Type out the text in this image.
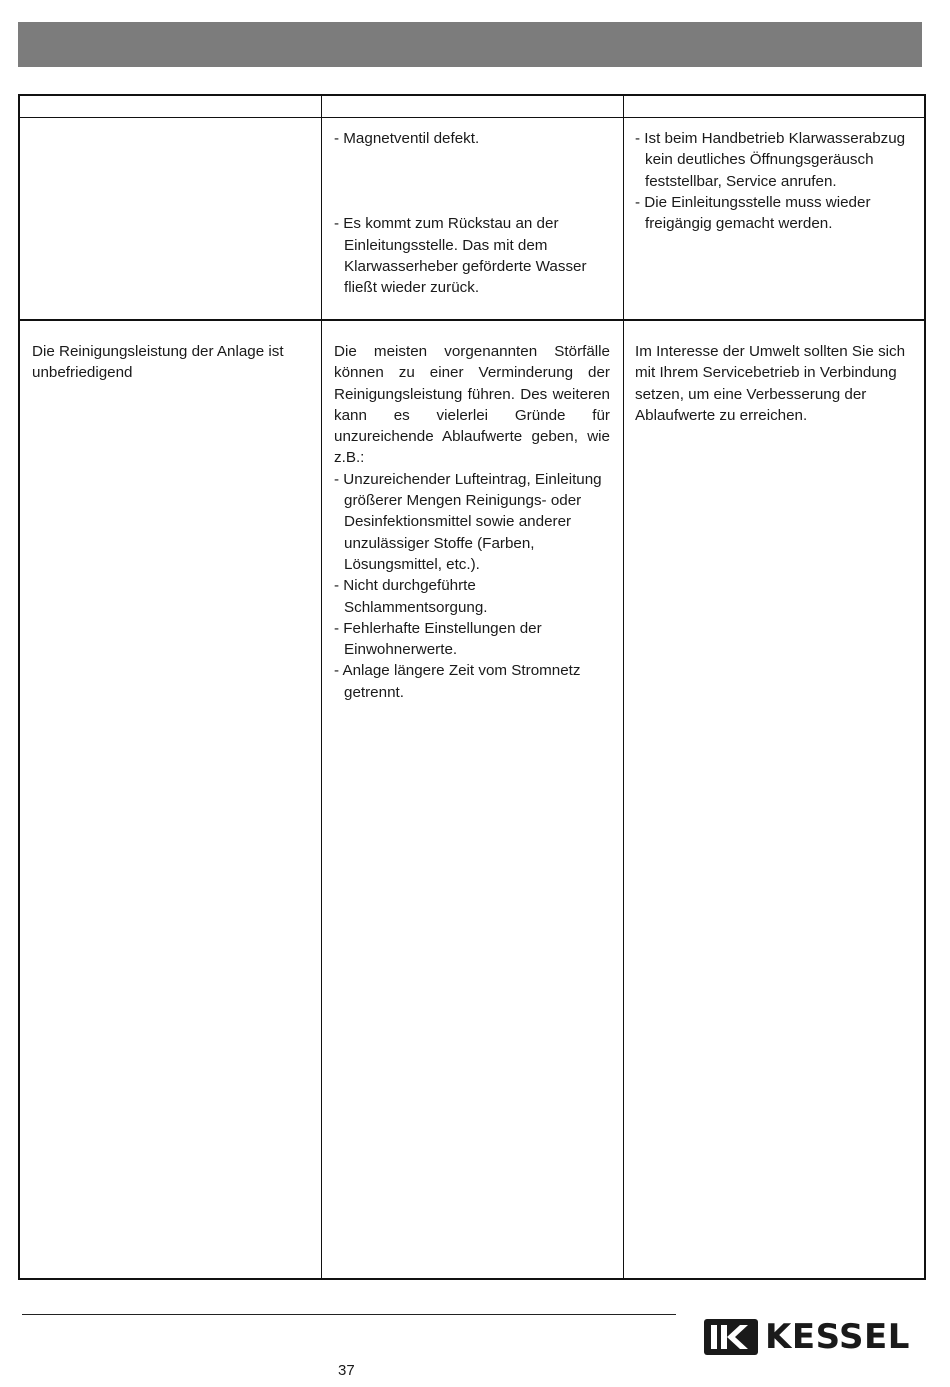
- Magnetventil defekt.

- Es kommt zum Rückstau an der Einleitungsstelle. Das mit dem Klarwasserheber geförderte Wasser fließt wieder zurück.

- Ist beim Handbetrieb Klarwasserabzug kein deutliches Öffnungsgeräusch feststellbar, Service anrufen.

- Die Einleitungsstelle muss wieder freigängig gemacht werden.

Die Reinigungsleistung der Anlage ist unbefriedigend

Die meisten vorgenannten Störfälle können zu einer Verminderung der Reinigungsleistung führen. Des weiteren kann es vielerlei Gründe für unzureichende Ablaufwerte geben, wie z.B.:

- Unzureichender Lufteintrag, Einleitung größerer Mengen Reinigungs- oder Desinfektionsmittel sowie anderer unzulässiger Stoffe (Farben, Lösungsmittel, etc.).

- Nicht durchgeführte Schlammentsorgung.

- Fehlerhafte Einstellungen der Einwohnerwerte.

- Anlage längere Zeit vom Stromnetz getrennt.

Im Interesse der Umwelt sollten Sie sich mit Ihrem Servicebetrieb in Verbindung setzen, um eine Verbesserung der Ablaufwerte zu erreichen.

37
KESSEL
